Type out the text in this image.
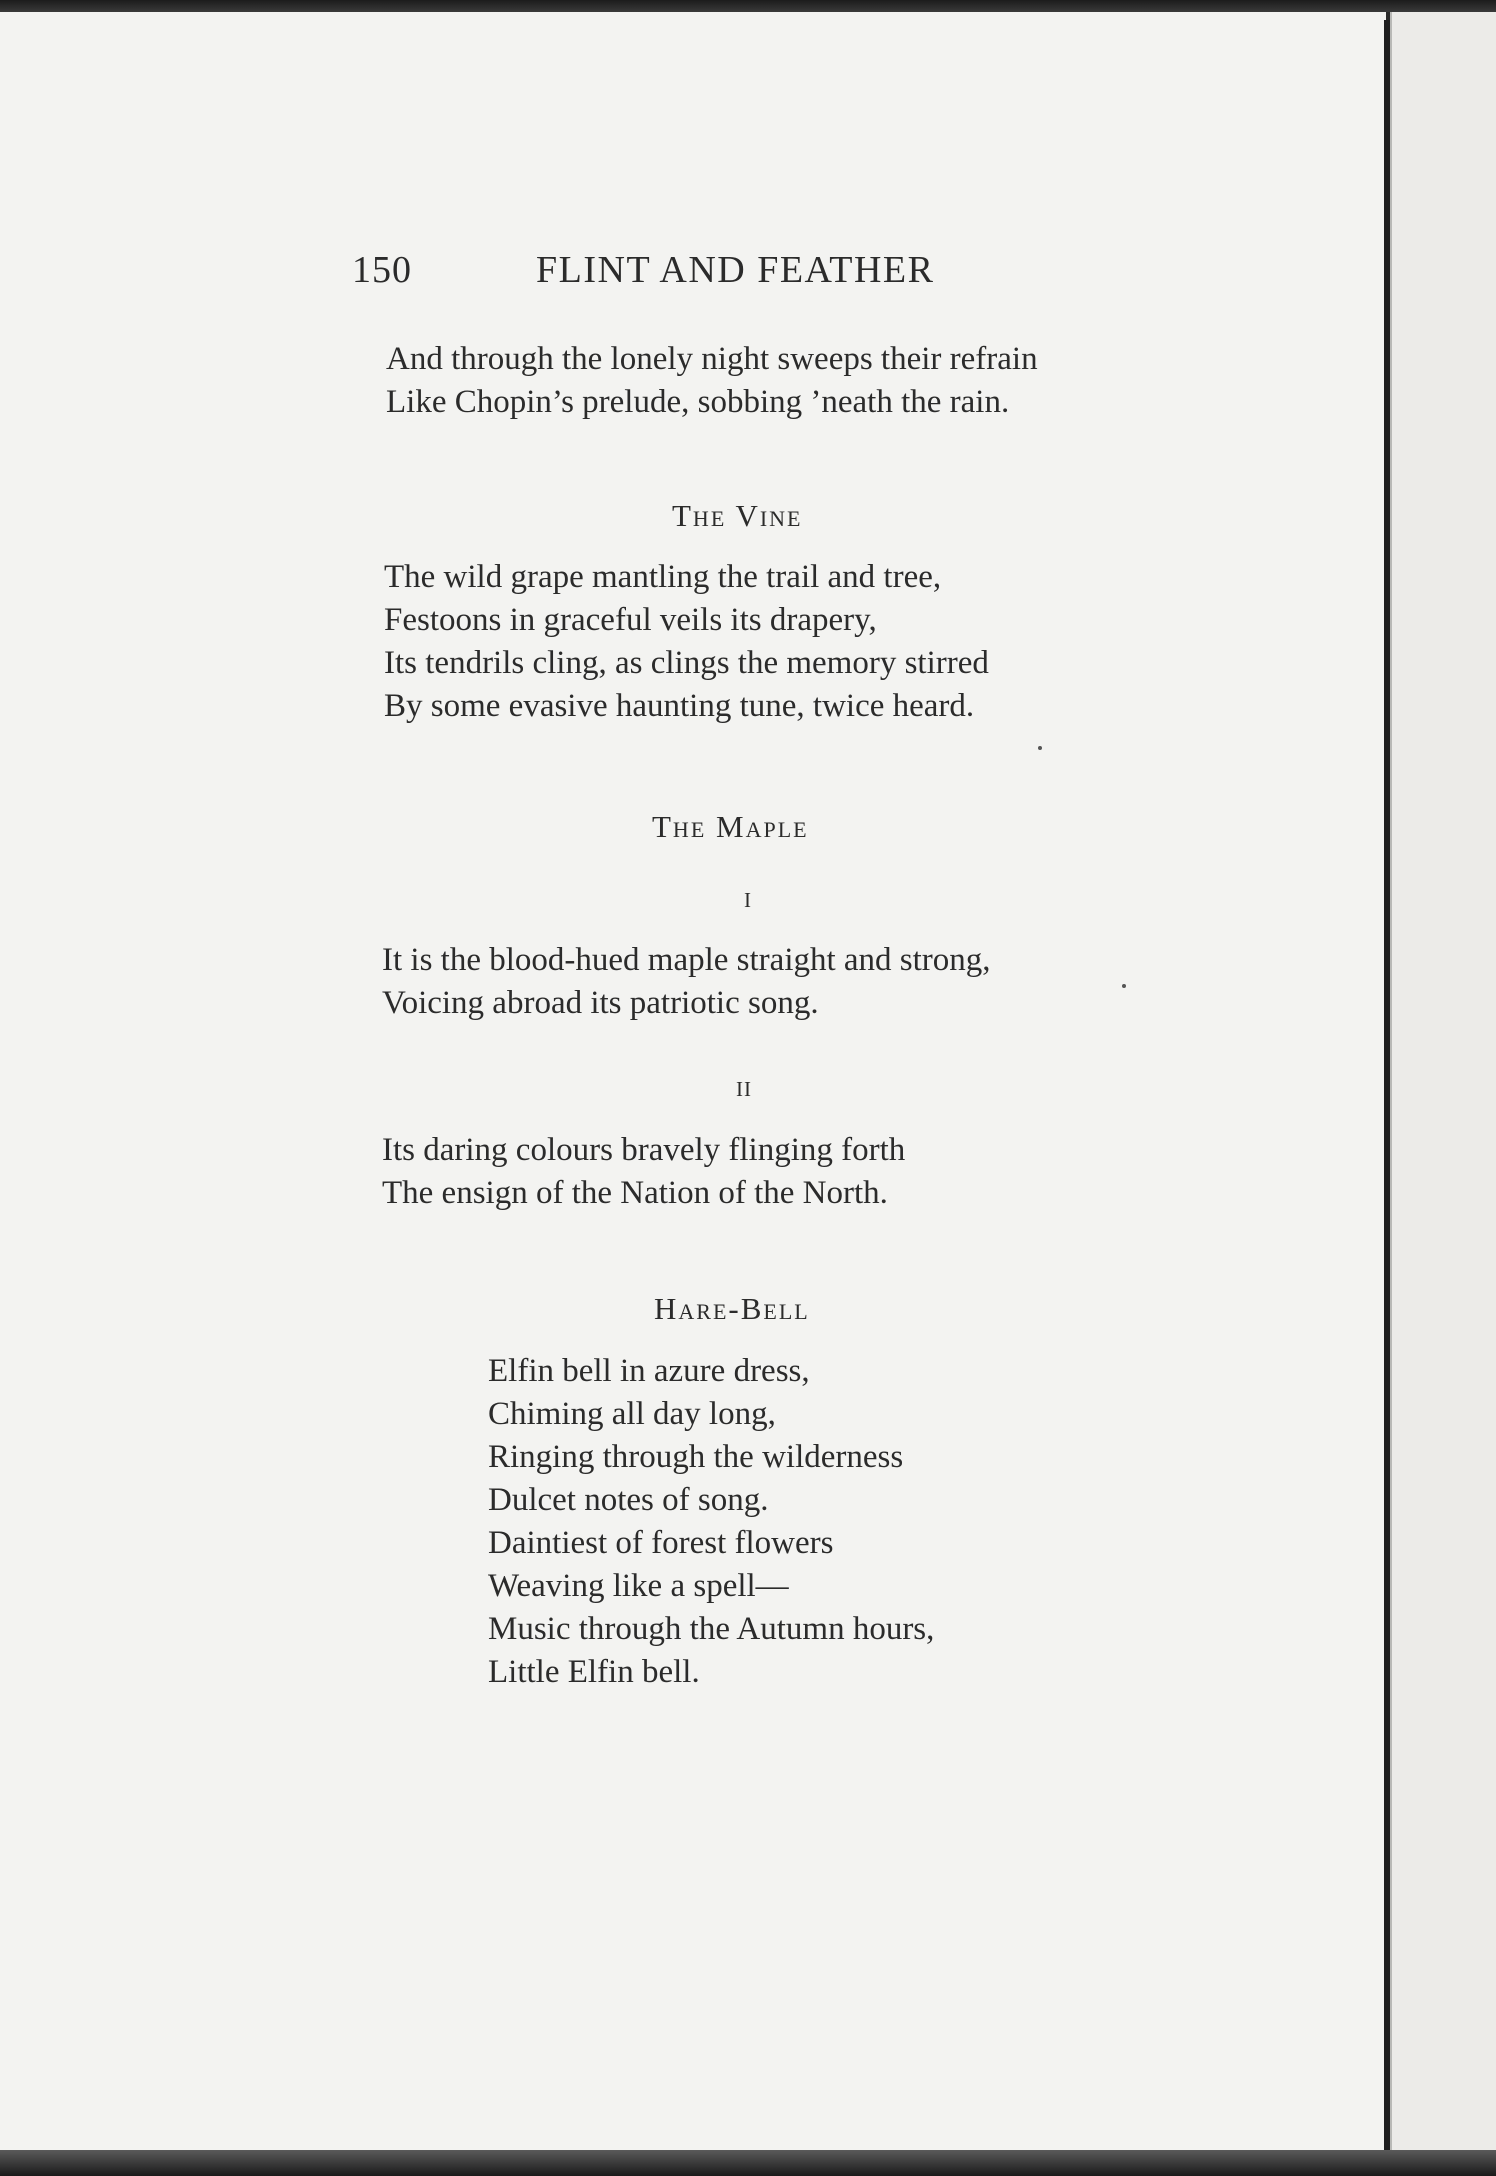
150	FLINT AND FEATHER
And through the lonely night sweeps their refrain
Like Chopin’s prelude, sobbing ’neath the rain.
The Vine
The wild grape mantling the trail and tree,
Festoons in graceful veils its drapery,
Its tendrils cling, as clings the memory stirred
By some evasive haunting tune, twice heard.
The Maple
I
It is the blood-hued maple straight and strong,
Voicing abroad its patriotic song.
II
Its daring colours bravely flinging forth
The ensign of the Nation of the North.
Hare-Bell
Elfin bell in azure dress,
Chiming all day long,
Ringing through the wilderness
Dulcet notes of song.
Daintiest of forest flowers
Weaving like a spell—
Music through the Autumn hours,
Little Elfin bell.
